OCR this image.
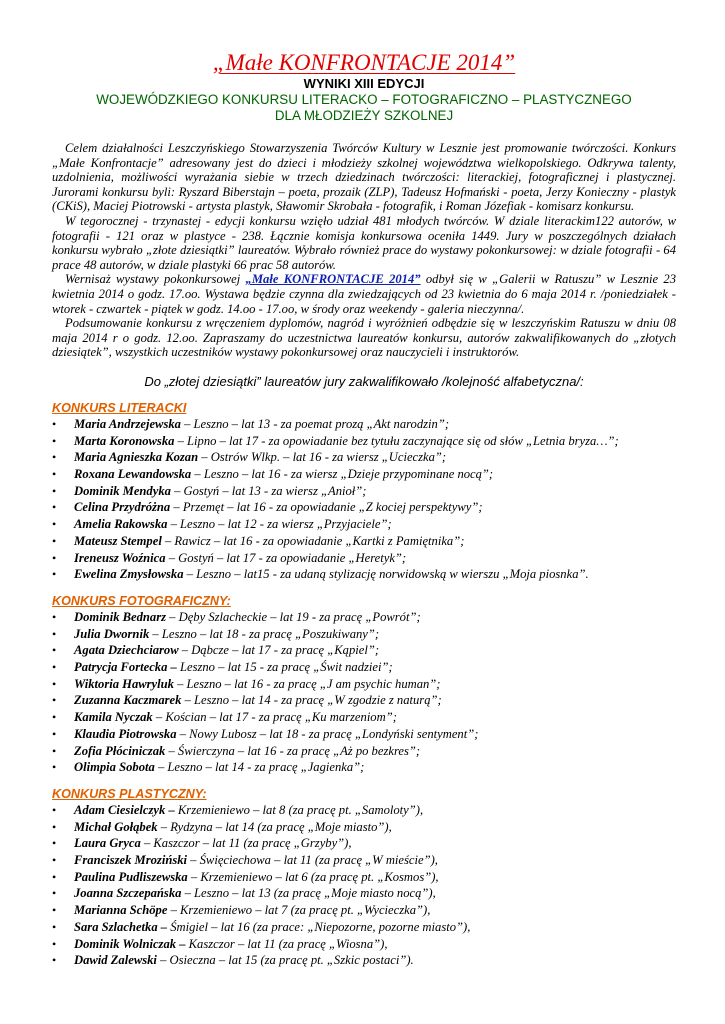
„Małe KONFRONTACJE 2014”

WYNIKI XIII EDYCJI

WOJEWÓDZKIEGO KONKURSU LITERACKO – FOTOGRAFICZNO – PLASTYCZNEGO

DLA MŁODZIEŻY SZKOLNEJ

Celem działalności Leszczyńskiego Stowarzyszenia Twórców Kultury w Lesznie jest promowanie twórczości. Konkurs „Małe Konfrontacje” adresowany jest do dzieci i młodzieży szkolnej województwa wielkopolskiego. Odkrywa talenty, uzdolnienia, możliwości wyrażania siebie w trzech dziedzinach twórczości: literackiej, fotograficznej i plastycznej. Jurorami konkursu byli: Ryszard Biberstajn – poeta, prozaik (ZLP), Tadeusz Hofmański - poeta, Jerzy Konieczny - plastyk (CKiS), Maciej Piotrowski - artysta plastyk, Sławomir Skrobała - fotografik, i Roman Józefiak - komisarz konkursu.

W tegorocznej - trzynastej - edycji konkursu wzięło udział 481 młodych twórców. W dziale literackim122 autorów, w fotografii - 121 oraz w plastyce - 238. Łącznie komisja konkursowa oceniła 1449. Jury w poszczególnych działach konkursu wybrało „złote dziesiątki” laureatów. Wybrało również prace do wystawy pokonkursowej: w dziale fotografii - 64 prace 48 autorów, w dziale plastyki 66 prac 58 autorów.

Wernisaż wystawy pokonkursowej „Małe KONFRONTACJE 2014” odbył się w „Galerii w Ratuszu” w Lesznie 23 kwietnia 2014 o godz. 17.oo. Wystawa będzie czynna dla zwiedzających od 23 kwietnia do 6 maja 2014 r. /poniedziałek - wtorek - czwartek - piątek w godz. 14.oo - 17.oo, w środy oraz weekendy - galeria nieczynna/.

Podsumowanie konkursu z wręczeniem dyplomów, nagród i wyróżnień odbędzie się w leszczyńskim Ratuszu w dniu 08 maja 2014 r o godz. 12.oo. Zapraszamy do uczestnictwa laureatów konkursu, autorów zakwalifikowanych do „złotych dziesiątek”, wszystkich uczestników wystawy pokonkursowej oraz nauczycieli i instruktorów.

Do „złotej dziesiątki” laureatów jury zakwalifikowało /kolejność alfabetyczna/:
KONKURS LITERACKI
• Maria Andrzejewska – Leszno – lat 13 - za poemat prozą „Akt narodzin”;
• Marta Koronowska – Lipno – lat 17 - za opowiadanie bez tytułu zaczynające się od słów „Letnia bryza…”;
• Maria Agnieszka Kozan – Ostrów Wlkp. – lat 16 - za wiersz „Ucieczka”;
• Roxana Lewandowska – Leszno – lat 16 - za wiersz „Dzieje przypominane nocą”;
• Dominik Mendyka – Gostyń – lat 13 - za wiersz „Anioł”;
• Celina Przydróżna – Przemęt – lat 16 - za opowiadanie „Z kociej perspektywy”;
• Amelia Rakowska – Leszno – lat 12 - za wiersz „Przyjaciele”;
• Mateusz Stempel – Rawicz – lat 16 - za opowiadanie „Kartki z Pamiętnika”;
• Ireneusz Woźnica – Gostyń – lat 17 - za opowiadanie „Heretyk”;
• Ewelina Zmysłowska – Leszno – lat15 - za udaną stylizację norwidowską w wierszu „Moja piosnka”.
KONKURS FOTOGRAFICZNY:
• Dominik Bednarz – Dęby Szlacheckie – lat 19 - za pracę „Powrót”;
• Julia Dwornik – Leszno – lat 18 - za pracę „Poszukiwany”;
• Agata Dziechciarow – Dąbcze – lat 17 - za pracę „Kąpiel”;
• Patrycja Fortecka – Leszno – lat 15 - za pracę „Świt nadziei”;
• Wiktoria Hawryluk – Leszno – lat 16 - za pracę „J am psychic human”;
• Zuzanna Kaczmarek – Leszno – lat 14 - za pracę „W zgodzie z naturą”;
• Kamila Nyczak – Kościan – lat 17 - za pracę „Ku marzeniom”;
• Klaudia Piotrowska – Nowy Lubosz – lat 18 - za pracę „Londyński sentyment”;
• Zofia Płóciniczak – Świerczyna – lat 16 - za pracę „Aż po bezkres”;
• Olimpia Sobota – Leszno – lat 14 - za pracę „Jagienka”;
KONKURS PLASTYCZNY:
• Adam Ciesielczyk – Krzemieniewo – lat 8 (za pracę pt. „Samoloty”),
• Michał Gołąbek – Rydzyna – lat 14 (za pracę „Moje miasto”),
• Laura Gryca – Kaszczor – lat 11 (za pracę „Grzyby”),
• Franciszek Mroziński – Święciechowa – lat 11 (za pracę „W mieście”),
• Paulina Pudliszewska – Krzemieniewo – lat 6 (za pracę pt. „Kosmos”),
• Joanna Szczepańska – Leszno – lat 13 (za pracę „Moje miasto nocą”),
• Marianna Schöpe – Krzemieniewo – lat 7 (za pracę pt. „Wycieczka”),
• Sara Szlachetka – Śmigiel – lat 16 (za prace: „Niepozorne, pozorne miasto”),
• Dominik Wolniczak – Kaszczor – lat 11 (za pracę „Wiosna”),
• Dawid Zalewski – Osieczna – lat 15 (za pracę pt. „Szkic postaci”).
